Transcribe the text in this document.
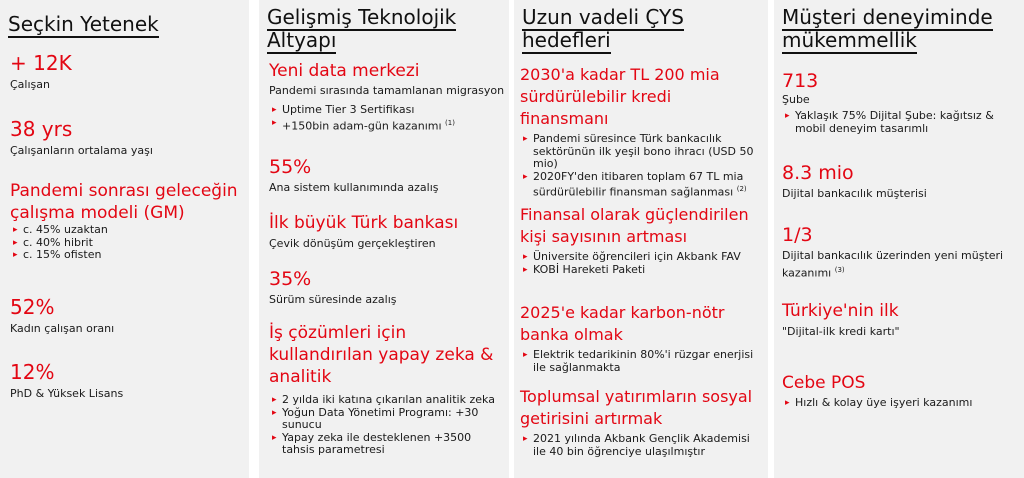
Seçkin Yetenek
+ 12K
Çalışan
38 yrs
Çalışanların ortalama yaşı
Pandemi sonrası geleceğin çalışma modeli (GM)
▸ c. 45% uzaktan
▸ c. 40% hibrit
▸ c. 15% ofisten
52%
Kadın çalışan oranı
12%
PhD & Yüksek Lisans
Gelişmiş Teknolojik Altyapı
Yeni data merkezi
Pandemi sırasında tamamlanan migrasyon
▸ Uptime Tier 3 Sertifikası
▸ +150bin adam-gün kazanımı $^{(1)}$
55%
Ana sistem kullanımında azalış
İlk büyük Türk bankası
Çevik dönüşüm gerçekleştiren
35%
Sürüm süresinde azalış
İş çözümleri için kullandırılan yapay zeka & analitik
▸ 2 yılda iki katına çıkarılan analitik zeka
▸ Yoğun Data Yönetimi Programı: +30 sunucu
▸ Yapay zeka ile desteklenen +3500 tahsis parametresi
Uzun vadeli ÇYS hedefleri
2030'a kadar TL 200 mia sürdürülebilir kredi finansmanı
▸ Pandemi süresince Türk bankacılık sektörünün ilk yeşil bono ihracı (USD 50 mio)
▸ 2020FY'den itibaren toplam 67 TL mia sürdürülebilir finansman sağlanması $^{(2)}$
Finansal olarak güçlendirilen kişi sayısının artması
▸ Üniversite öğrencileri için Akbank FAV
▸ KOBİ Hareketi Paketi
2025'e kadar karbon-nötr banka olmak
▸ Elektrik tedarikinin 80%'i rüzgar enerjisi ile sağlanmakta
Toplumsal yatırımların sosyal getirisini artırmak
▸ 2021 yılında Akbank Gençlik Akademisi ile 40 bin öğrenciye ulaşılmıştır
Müşteri deneyiminde mükemmellik
713
Şube
▸ Yaklaşık 75% Dijital Şube: kağıtsız & mobil deneyim tasarımlı
8.3 mio
Dijital bankacılık müşterisi
1/3
Dijital bankacılık üzerinden yeni müşteri kazanımı $^{(3)}$
Türkiye'nin ilk
"Dijital-ilk kredi kartı"
Cebe POS
▸ Hızlı & kolay üye işyeri kazanımı
